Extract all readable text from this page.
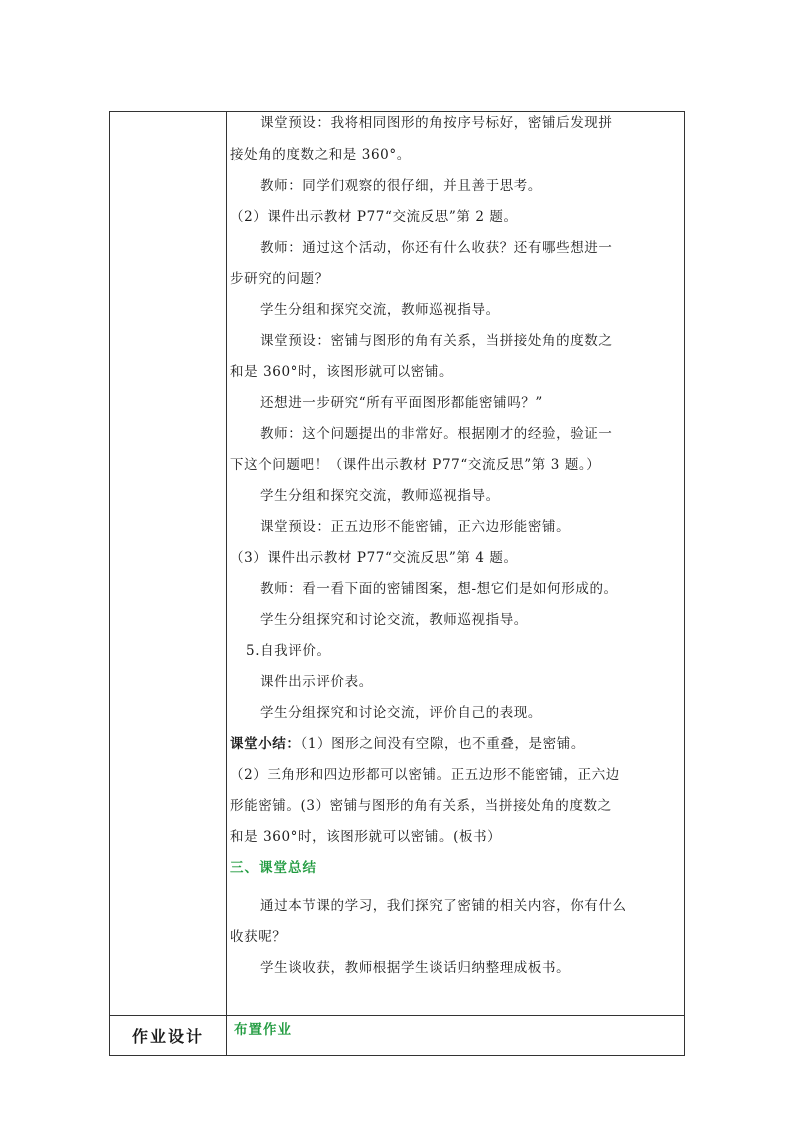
课堂预设：我将相同图形的角按序号标好，密铺后发现拼
接处角的度数之和是 360°。
教师：同学们观察的很仔细，并且善于思考。
（2）课件出示教材 P77“交流反思”第 2 题。
教师：通过这个活动，你还有什么收获？还有哪些想进一
步研究的问题？
学生分组和探究交流，教师巡视指导。
课堂预设：密铺与图形的角有关系，当拼接处角的度数之
和是 360°时，该图形就可以密铺。
还想进一步研究“所有平面图形都能密铺吗？”
教师：这个问题提出的非常好。根据刚才的经验，验证一
下这个问题吧！（课件出示教材 P77“交流反思”第 3 题。）
学生分组和探究交流，教师巡视指导。
课堂预设：正五边形不能密铺，正六边形能密铺。
（3）课件出示教材 P77“交流反思”第 4 题。
教师：看一看下面的密铺图案，想-想它们是如何形成的。
学生分组探究和讨论交流，教师巡视指导。
5.自我评价。
课件出示评价表。
学生分组探究和讨论交流，评价自己的表现。
课堂小结：（1）图形之间没有空隙，也不重叠，是密铺。
（2）三角形和四边形都可以密铺。正五边形不能密铺，正六边
形能密铺。(3）密铺与图形的角有关系，当拼接处角的度数之
和是 360°时，该图形就可以密铺。(板书）
三、课堂总结
通过本节课的学习，我们探究了密铺的相关内容，你有什么
收获呢？
学生谈收获，教师根据学生谈话归纳整理成板书。
作业设计	布置作业
